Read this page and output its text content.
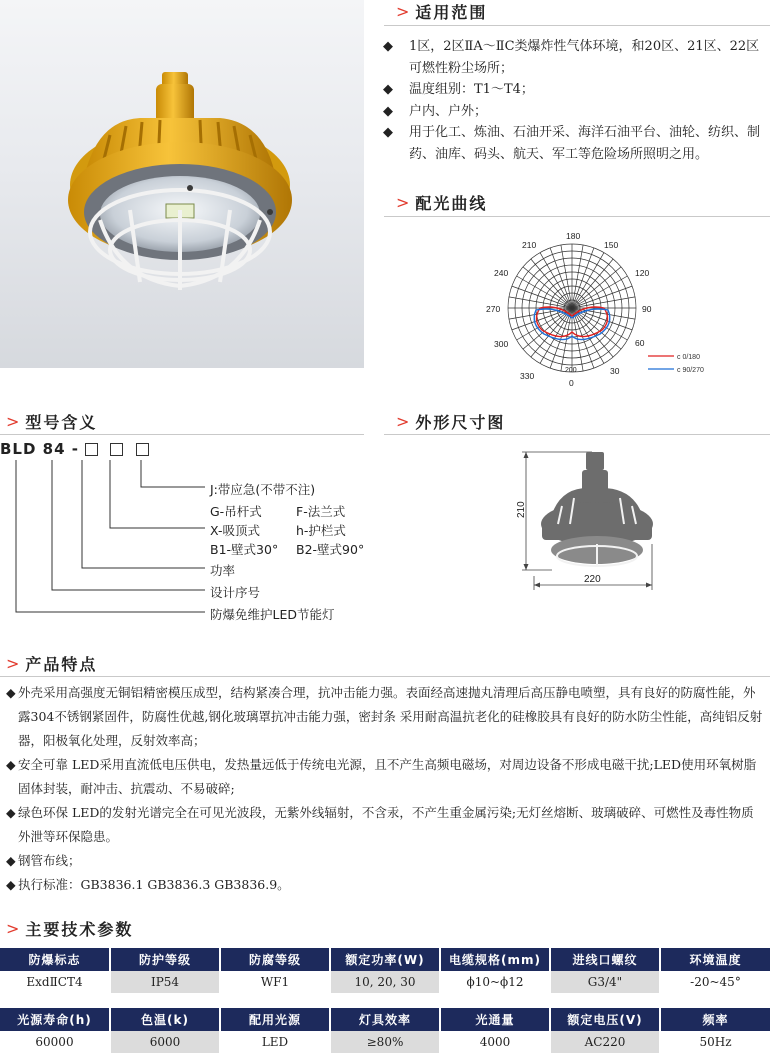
> 适用范围
◆ 1区，2区ⅡA～ⅡC类爆炸性气体环境，和20区、21区、22区可燃性粉尘场所；
◆ 温度组别：T1～T4；
◆ 户内、户外；
◆ 用于化工、炼油、石油开采、海洋石油平台、油轮、纺织、制药、油库、码头、航天、军工等危险场所照明之用。
> 配光曲线
180
150
120
90
60
30
0
330
300
270
240
210
200
c 0/180
c 90/270
> 型号含义
BLD 84 -
J:带应急(不带不注)
G-吊杆式	F-法兰式
X-吸顶式	h-护栏式
B1-壁式30° B2-壁式90°
功率
设计序号
防爆免维护LED节能灯
> 外形尺寸图
210
220
> 产品特点

◆ 外壳采用高强度无铜铝精密模压成型，结构紧凑合理，抗冲击能力强。表面经高速抛丸清理后高压静电喷塑，具有良好的防腐性能，外露304不锈钢紧固件，防腐性优越,钢化玻璃罩抗冲击能力强，密封条 采用耐高温抗老化的硅橡胶具有良好的防水防尘性能，高纯铝反射器，阳极氧化处理，反射效率高；

◆ 安全可靠 LED采用直流低电压供电，发热量远低于传统电光源，且不产生高频电磁场，对周边设备不形成电磁干扰;LED使用环氧树脂固体封装，耐冲击、抗震动、不易破碎;

◆ 绿色环保 LED的发射光谱完全在可见光波段，无紫外线辐射，不含汞，不产生重金属污染;无灯丝熔断、玻璃破碎、可燃性及毒性物质外泄等环保隐患。

◆ 钢管布线；

◆ 执行标准：GB3836.1 GB3836.3 GB3836.9。

> 主要技术参数
防爆标志	防护等级	防腐等级	额定功率(W)	电缆规格(mm)	进线口螺纹	环境温度
ExdⅡCT4	IP54	WF1	10, 20, 30	ϕ10~ϕ12	G3/4"	-20~45°
光源寿命(h)	色温(k)	配用光源	灯具效率	光通量	额定电压(V)	频率
60000	6000	LED	≥80%	4000	AC220	50Hz
